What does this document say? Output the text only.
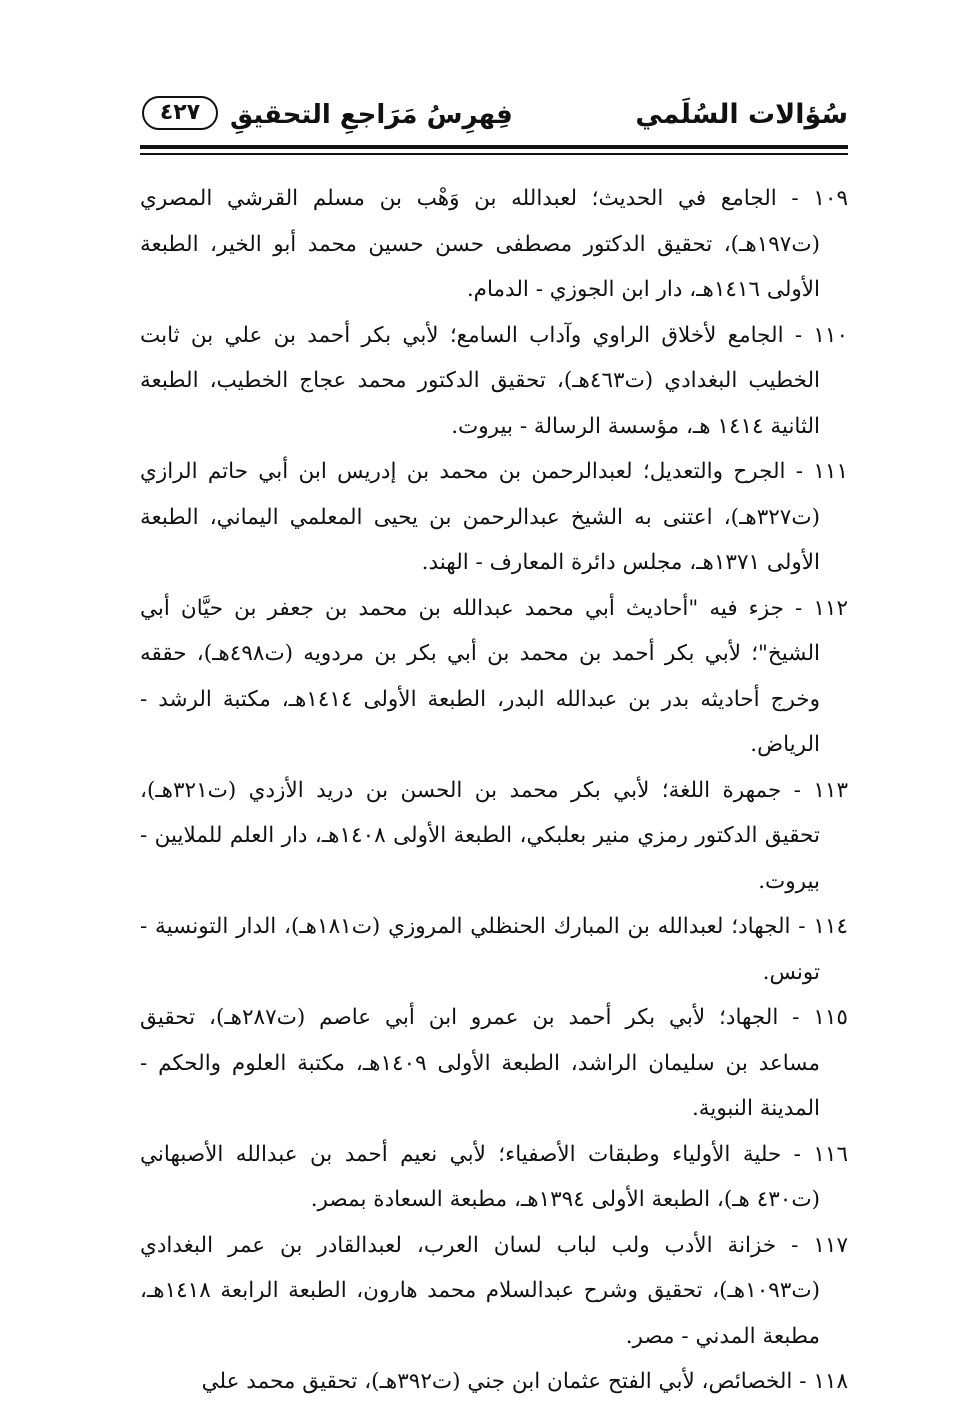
سُؤالات السُلَمي
فِهرِسُ مَرَاجعِ التحقيقِ
٤٢٧
١٠٩ - الجامع في الحديث؛ لعبدالله بن وَهْب بن مسلم القرشي المصري
(ت١٩٧هـ)، تحقيق الدكتور مصطفى حسن حسين محمد أبو الخير، الطبعة
الأولى ١٤١٦هـ، دار ابن الجوزي - الدمام.
١١٠ - الجامع لأخلاق الراوي وآداب السامع؛ لأبي بكر أحمد بن علي بن ثابت
الخطيب البغدادي (ت٤٦٣هـ)، تحقيق الدكتور محمد عجاج الخطيب، الطبعة
الثانية ١٤١٤ هـ، مؤسسة الرسالة - بيروت.
١١١ - الجرح والتعديل؛ لعبدالرحمن بن محمد بن إدريس ابن أبي حاتم الرازي
(ت٣٢٧هـ)، اعتنى به الشيخ عبدالرحمن بن يحيى المعلمي اليماني، الطبعة
الأولى ١٣٧١هـ، مجلس دائرة المعارف - الهند.
١١٢ - جزء فيه "أحاديث أبي محمد عبدالله بن محمد بن جعفر بن حيَّان أبي
الشيخ"؛ لأبي بكر أحمد بن محمد بن أبي بكر بن مردويه (ت٤٩٨هـ)، حققه
وخرج أحاديثه بدر بن عبدالله البدر، الطبعة الأولى ١٤١٤هـ، مكتبة الرشد -
الرياض.
١١٣ - جمهرة اللغة؛ لأبي بكر محمد بن الحسن بن دريد الأزدي (ت٣٢١هـ)،
تحقيق الدكتور رمزي منير بعلبكي، الطبعة الأولى ١٤٠٨هـ، دار العلم للملايين -
بيروت.
١١٤ - الجهاد؛ لعبدالله بن المبارك الحنظلي المروزي (ت١٨١هـ)، الدار التونسية -
تونس.
١١٥ - الجهاد؛ لأبي بكر أحمد بن عمرو ابن أبي عاصم (ت٢٨٧هـ)، تحقيق
مساعد بن سليمان الراشد، الطبعة الأولى ١٤٠٩هـ، مكتبة العلوم والحكم -
المدينة النبوية.
١١٦ - حلية الأولياء وطبقات الأصفياء؛ لأبي نعيم أحمد بن عبدالله الأصبهاني
(ت٤٣٠ هـ)، الطبعة الأولى ١٣٩٤هـ، مطبعة السعادة بمصر.
١١٧ - خزانة الأدب ولب لباب لسان العرب، لعبدالقادر بن عمر البغدادي
(ت١٠٩٣هـ)، تحقيق وشرح عبدالسلام محمد هارون، الطبعة الرابعة ١٤١٨هـ،
مطبعة المدني - مصر.
١١٨ - الخصائص، لأبي الفتح عثمان ابن جني (ت٣٩٢هـ)، تحقيق محمد علي
